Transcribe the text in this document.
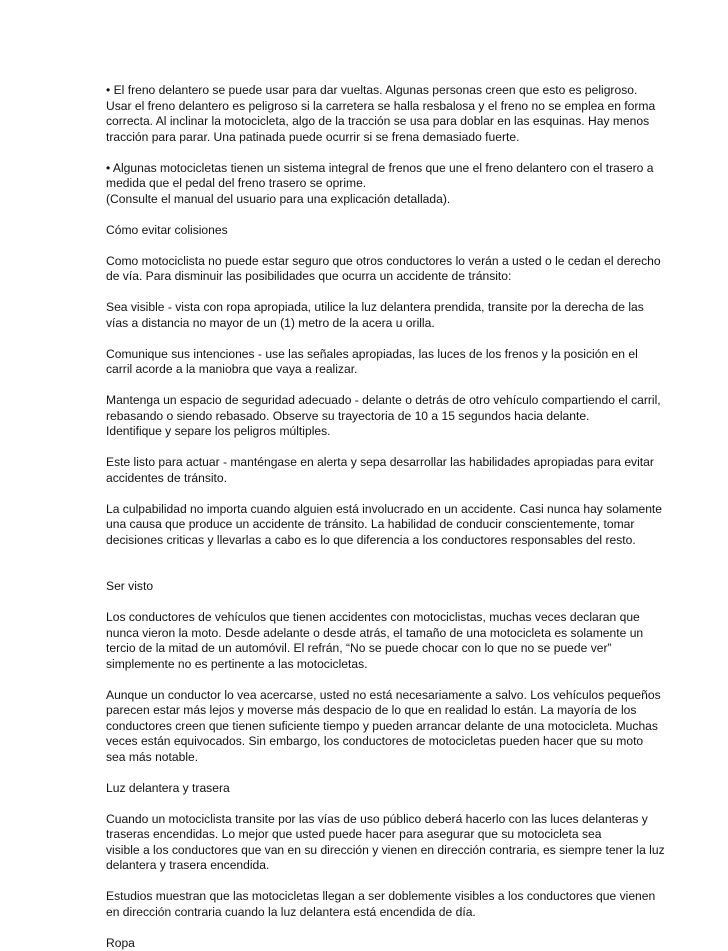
• El freno delantero se puede usar para dar vueltas. Algunas personas creen que esto es peligroso.
Usar el freno delantero es peligroso si la carretera se halla resbalosa y el freno no se emplea en forma
correcta. Al inclinar la motocicleta, algo de la tracción se usa para doblar en las esquinas. Hay menos
tracción para parar. Una patinada puede ocurrir si se frena demasiado fuerte.
• Algunas motocicletas tienen un sistema integral de frenos que une el freno delantero con el trasero a
medida que el pedal del freno trasero se oprime.
(Consulte el manual del usuario para una explicación detallada).
Cómo evitar colisiones
Como motociclista no puede estar seguro que otros conductores lo verán a usted o le cedan el derecho
de vía. Para disminuir las posibilidades que ocurra un accidente de tránsito:
Sea visible - vista con ropa apropiada, utilice la luz delantera prendida, transite por la derecha de las
vías a distancia no mayor de un (1) metro de la acera u orilla.
Comunique sus intenciones - use las señales apropiadas, las luces de los frenos y la posición en el
carril acorde a la maniobra que vaya a realizar.
Mantenga un espacio de seguridad adecuado - delante o detrás de otro vehículo compartiendo el carril,
rebasando o siendo rebasado. Observe su trayectoria de 10 a 15 segundos hacia delante.
Identifique y separe los peligros múltiples.
Este listo para actuar - manténgase en alerta y sepa desarrollar las habilidades apropiadas para evitar
accidentes de tránsito.
La culpabilidad no importa cuando alguien está involucrado en un accidente. Casi nunca hay solamente
una causa que produce un accidente de tránsito. La habilidad de conducir conscientemente, tomar
decisiones criticas y llevarlas a cabo es lo que diferencia a los conductores responsables del resto.
Ser visto
Los conductores de vehículos que tienen accidentes con motociclistas, muchas veces declaran que
nunca vieron la moto. Desde adelante o desde atrás, el tamaño de una motocicleta es solamente un
tercio de la mitad de un automóvil. El refrán, “No se puede chocar con lo que no se puede ver”
simplemente no es pertinente a las motocicletas.
Aunque un conductor lo vea acercarse, usted no está necesariamente a salvo. Los vehículos pequeños
parecen estar más lejos y moverse más despacio de lo que en realidad lo están. La mayoría de los
conductores creen que tienen suficiente tiempo y pueden arrancar delante de una motocicleta. Muchas
veces están equivocados. Sin embargo, los conductores de motocicletas pueden hacer que su moto
sea más notable.
Luz delantera y trasera
Cuando un motociclista transite por las vías de uso público deberá hacerlo con las luces delanteras y
traseras encendidas. Lo mejor que usted puede hacer para asegurar que su motocicleta sea
visible a los conductores que van en su dirección y vienen en dirección contraria, es siempre tener la luz
delantera y trasera encendida.
Estudios muestran que las motocicletas llegan a ser doblemente visibles a los conductores que vienen
en dirección contraria cuando la luz delantera está encendida de día.
Ropa
